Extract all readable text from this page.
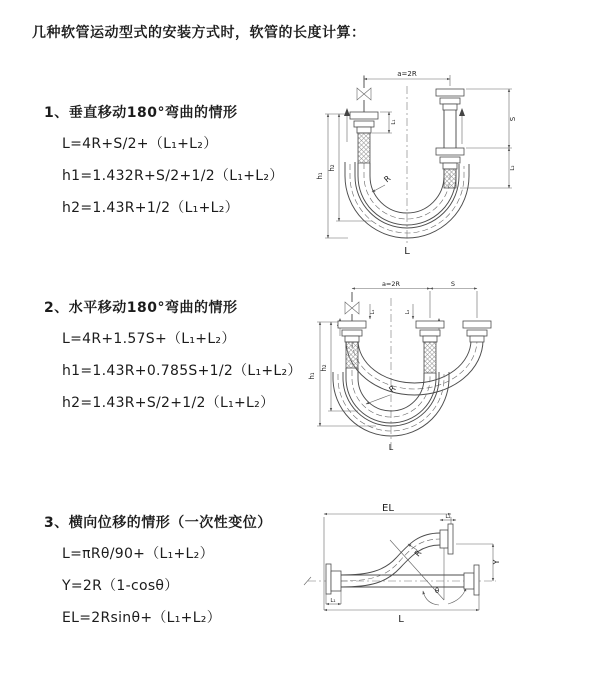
几种软管运动型式的安装方式时，软管的长度计算：
1、垂直移动180°弯曲的情形
L=4R+S/2+（L₁+L₂）
h1=1.432R+S/2+1/2（L₁+L₂）
h2=1.43R+1/2（L₁+L₂）
a=2R
h₁
h₂
S
L₂
L₁
R
L
2、水平移动180°弯曲的情形
L=4R+1.57S+（L₁+L₂）
h1=1.43R+0.785S+1/2（L₁+L₂）
h2=1.43R+S/2+1/2（L₁+L₂）
a=2R	S
h₁
h₂
L₁	L₂
R
L
3、横向位移的情形（一次性变位）
L=πRθ/90+（L₁+L₂）
Y=2R（1-cosθ）
EL=2Rsinθ+（L₁+L₂）
EL
L
L₁
L₂
Y
R
θ
